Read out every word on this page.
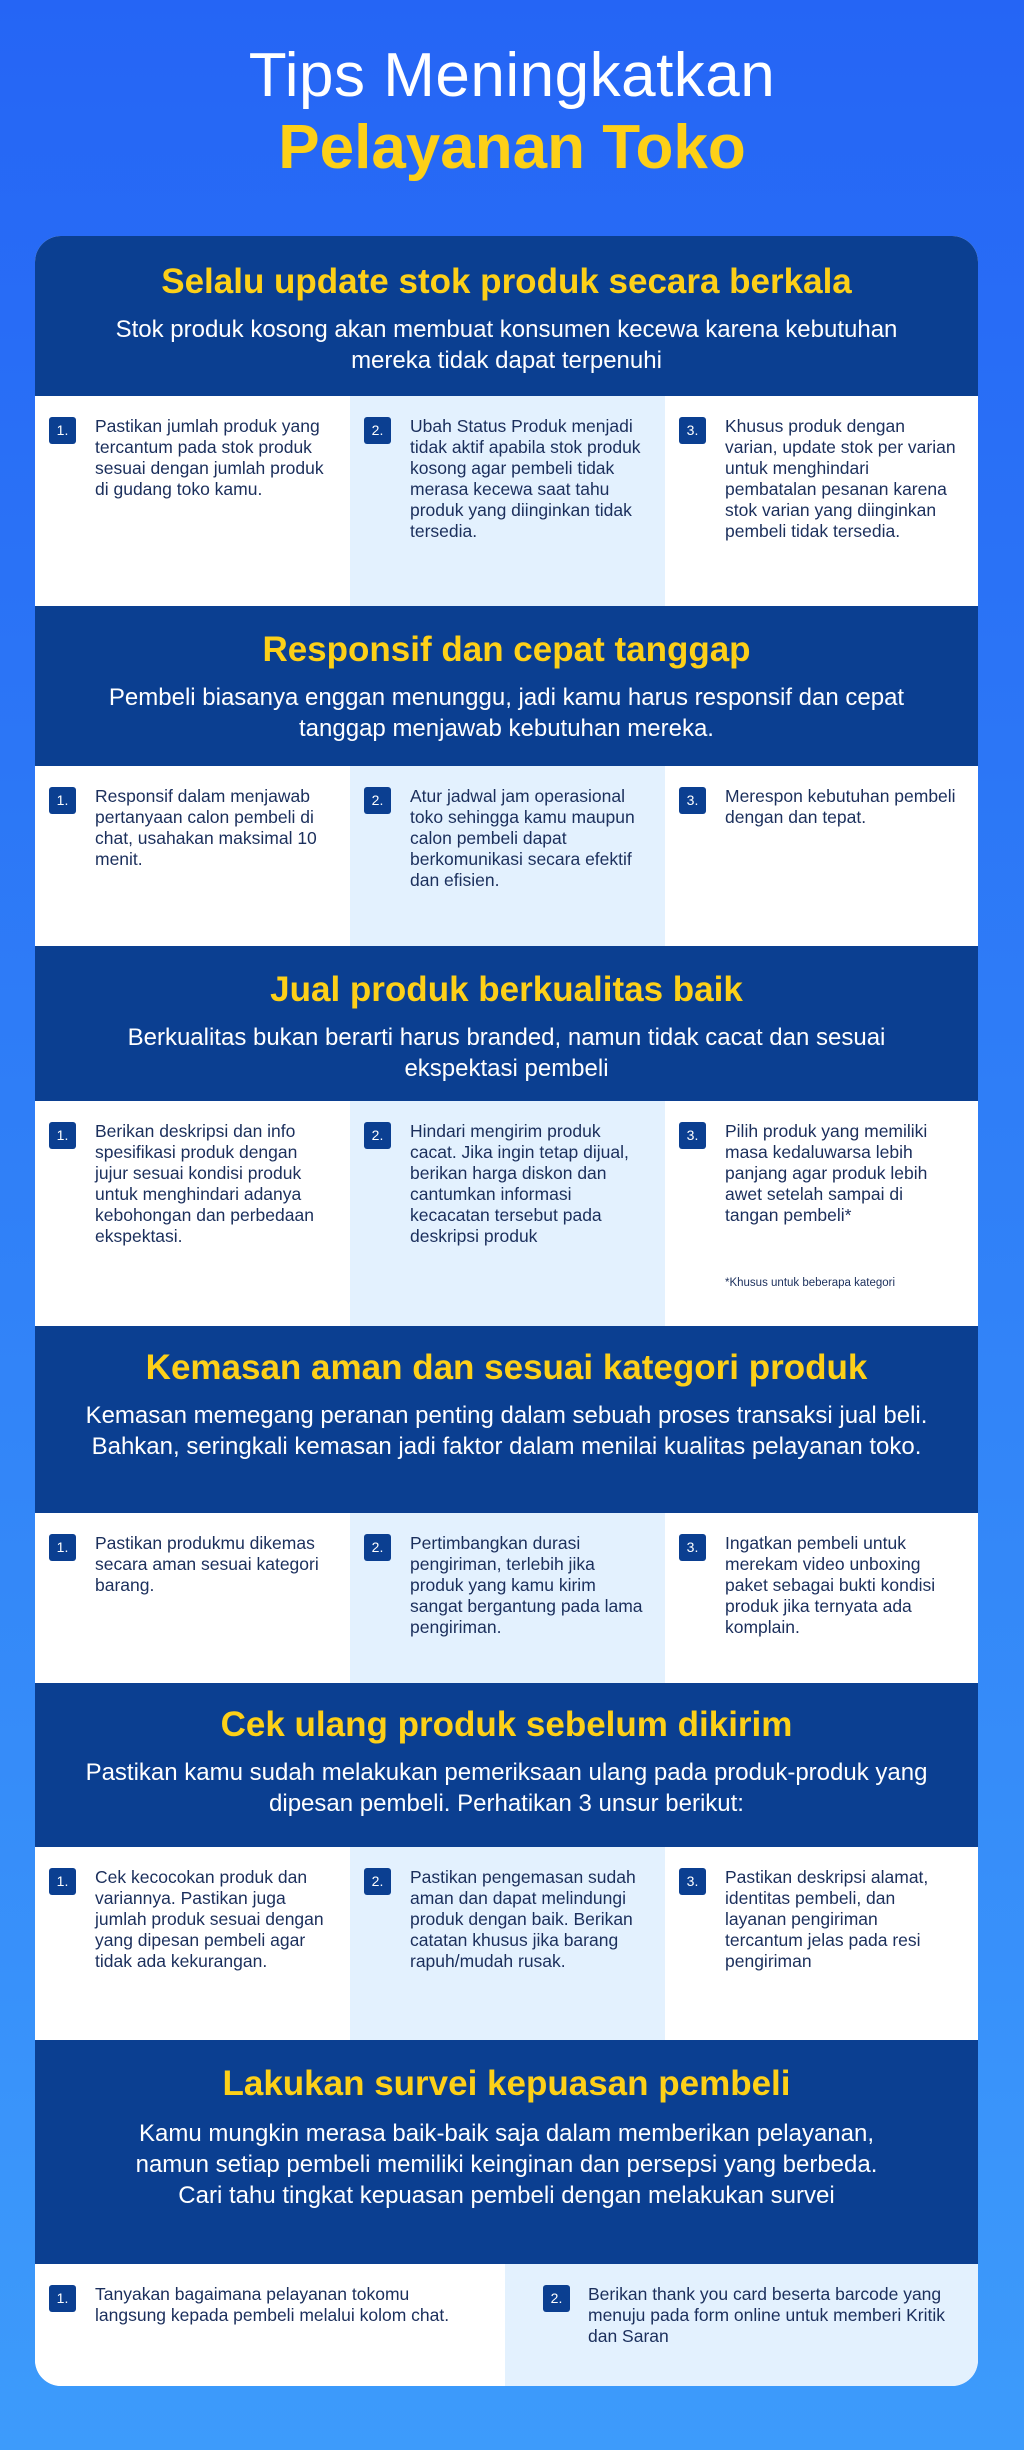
Tips Meningkatkan
Pelayanan Toko
Selalu update stok produk secara berkala
Stok produk kosong akan membuat konsumen kecewa karena kebutuhan mereka tidak dapat terpenuhi
1.	Pastikan jumlah produk yang tercantum pada stok produk sesuai dengan jumlah produk di gudang toko kamu.
2.	Ubah Status Produk menjadi tidak aktif apabila stok produk kosong agar pembeli tidak merasa kecewa saat tahu produk yang diinginkan tidak tersedia.
3.	Khusus produk dengan varian, update stok per varian untuk menghindari pembatalan pesanan karena stok varian yang diinginkan pembeli tidak tersedia.
Responsif dan cepat tanggap
Pembeli biasanya enggan menunggu, jadi kamu harus responsif dan cepat tanggap menjawab kebutuhan mereka.
1.	Responsif dalam menjawab pertanyaan calon pembeli di chat, usahakan maksimal 10 menit.
2.	Atur jadwal jam operasional toko sehingga kamu maupun calon pembeli dapat berkomunikasi secara efektif dan efisien.
3.	Merespon kebutuhan pembeli dengan dan tepat.
Jual produk berkualitas baik
Berkualitas bukan berarti harus branded, namun tidak cacat dan sesuai ekspektasi pembeli
1.	Berikan deskripsi dan info spesifikasi produk dengan jujur sesuai kondisi produk untuk menghindari adanya kebohongan dan perbedaan ekspektasi.
2.	Hindari mengirim produk cacat. Jika ingin tetap dijual, berikan harga diskon dan cantumkan informasi kecacatan tersebut pada deskripsi produk
3.	Pilih produk yang memiliki masa kedaluwarsa lebih panjang agar produk lebih awet setelah sampai di tangan pembeli*
*Khusus untuk beberapa kategori
Kemasan aman dan sesuai kategori produk
Kemasan memegang peranan penting dalam sebuah proses transaksi jual beli. Bahkan, seringkali kemasan jadi faktor dalam menilai kualitas pelayanan toko.
1.	Pastikan produkmu dikemas secara aman sesuai kategori barang.
2.	Pertimbangkan durasi pengiriman, terlebih jika produk yang kamu kirim sangat bergantung pada lama pengiriman.
3.	Ingatkan pembeli untuk merekam video unboxing paket sebagai bukti kondisi produk jika ternyata ada komplain.
Cek ulang produk sebelum dikirim
Pastikan kamu sudah melakukan pemeriksaan ulang pada produk-produk yang dipesan pembeli. Perhatikan 3 unsur berikut:
1.	Cek kecocokan produk dan variannya. Pastikan juga jumlah produk sesuai dengan yang dipesan pembeli agar tidak ada kekurangan.
2.	Pastikan pengemasan sudah aman dan dapat melindungi produk dengan baik. Berikan catatan khusus jika barang rapuh/mudah rusak.
3.	Pastikan deskripsi alamat, identitas pembeli, dan layanan pengiriman tercantum jelas pada resi pengiriman
Lakukan survei kepuasan pembeli
Kamu mungkin merasa baik-baik saja dalam memberikan pelayanan, namun setiap pembeli memiliki keinginan dan persepsi yang berbeda. Cari tahu tingkat kepuasan pembeli dengan melakukan survei
1.	Tanyakan bagaimana pelayanan tokomu langsung kepada pembeli melalui kolom chat.
2.	Berikan thank you card beserta barcode yang menuju pada form online untuk memberi Kritik dan Saran
